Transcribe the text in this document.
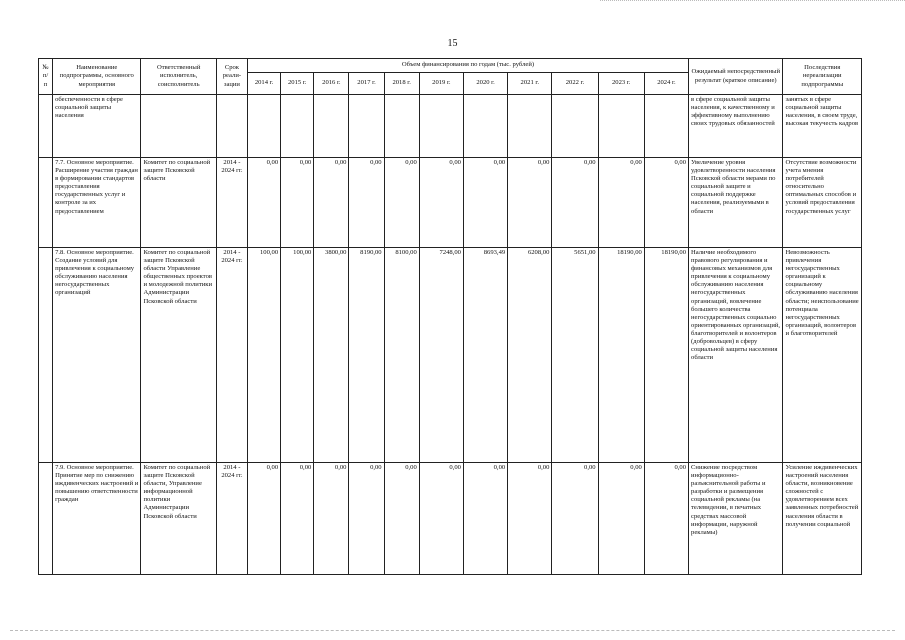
15
№ п/ п	Наименование подпрограммы, основного мероприятия	Ответственный исполнитель, соисполнитель	Срок реали-зации	Объем финансирования по годам (тыс. рублей)											Ожидаемый непосредственный результат (краткое описание)	Последствия нереализации подпрограммы
				2014 г.	2015 г.	2016 г.	2017 г.	2018 г.	2019 г.	2020 г.	2021 г.	2022 г.	2023 г.	2024 г.		
	обеспеченности в сфере социальной защиты населения														в сфере социальной защиты населения, к качественному и эффективному выполнению своих трудовых обязанностей	занятых в сфере социальной защиты населения, в своем труде, высокая текучесть кадров
	7.7. Основное мероприятие. Расширение участия граждан в формировании стандартов предоставления государственных услуг и контроле за их предоставлением	Комитет по социальной защите Псковской области	2014 - 2024 гг.	0,00	0,00	0,00	0,00	0,00	0,00	0,00	0,00	0,00	0,00	0,00	Увеличение уровня удовлетворенности населения Псковской области мерами по социальной защите и социальной поддержке населения, реализуемыми в области	Отсутствие возможности учета мнения потребителей относительно оптимальных способов и условий предоставления государственных услуг
	7.8. Основное мероприятие. Создание условий для привлечения к социальному обслуживанию населения негосударственных организаций	Комитет по социальной защите Псковской области Управление общественных проектов и молодежной политики Администрации Псковской области	2014 - 2024 гг.	100,00	100,00	3800,00	8190,00	8100,00	7248,00	8693,49	6208,00	5651,00	18190,00	18190,00	Наличие необходимого правового регулирования и финансовых механизмов для привлечения к социальному обслуживанию населения негосударственных организаций, вовлечение большего количества негосударственных социально ориентированных организаций, благотворителей и волонтеров (добровольцев) в сферу социальной защиты населения области	Невозможность привлечения негосударственных организаций к социальному обслуживанию населения области; неиспользование потенциала негосударственных организаций, волонтеров и благотворителей
	7.9. Основное мероприятие. Принятие мер по снижению иждивенческих настроений и повышению ответственности граждан	Комитет по социальной защите Псковской области, Управление информационной политики Администрации Псковской области	2014 - 2024 гг.	0,00	0,00	0,00	0,00	0,00	0,00	0,00	0,00	0,00	0,00	0,00	Снижение посредством информационно-разъяснительной работы и разработки и размещения социальной рекламы (на телевидении, в печатных средствах массовой информации, наружной рекламы)	Усиление иждивенческих настроений населения области, возникновение сложностей с удовлетворением всех заявленных потребностей населения области в получении социальной
